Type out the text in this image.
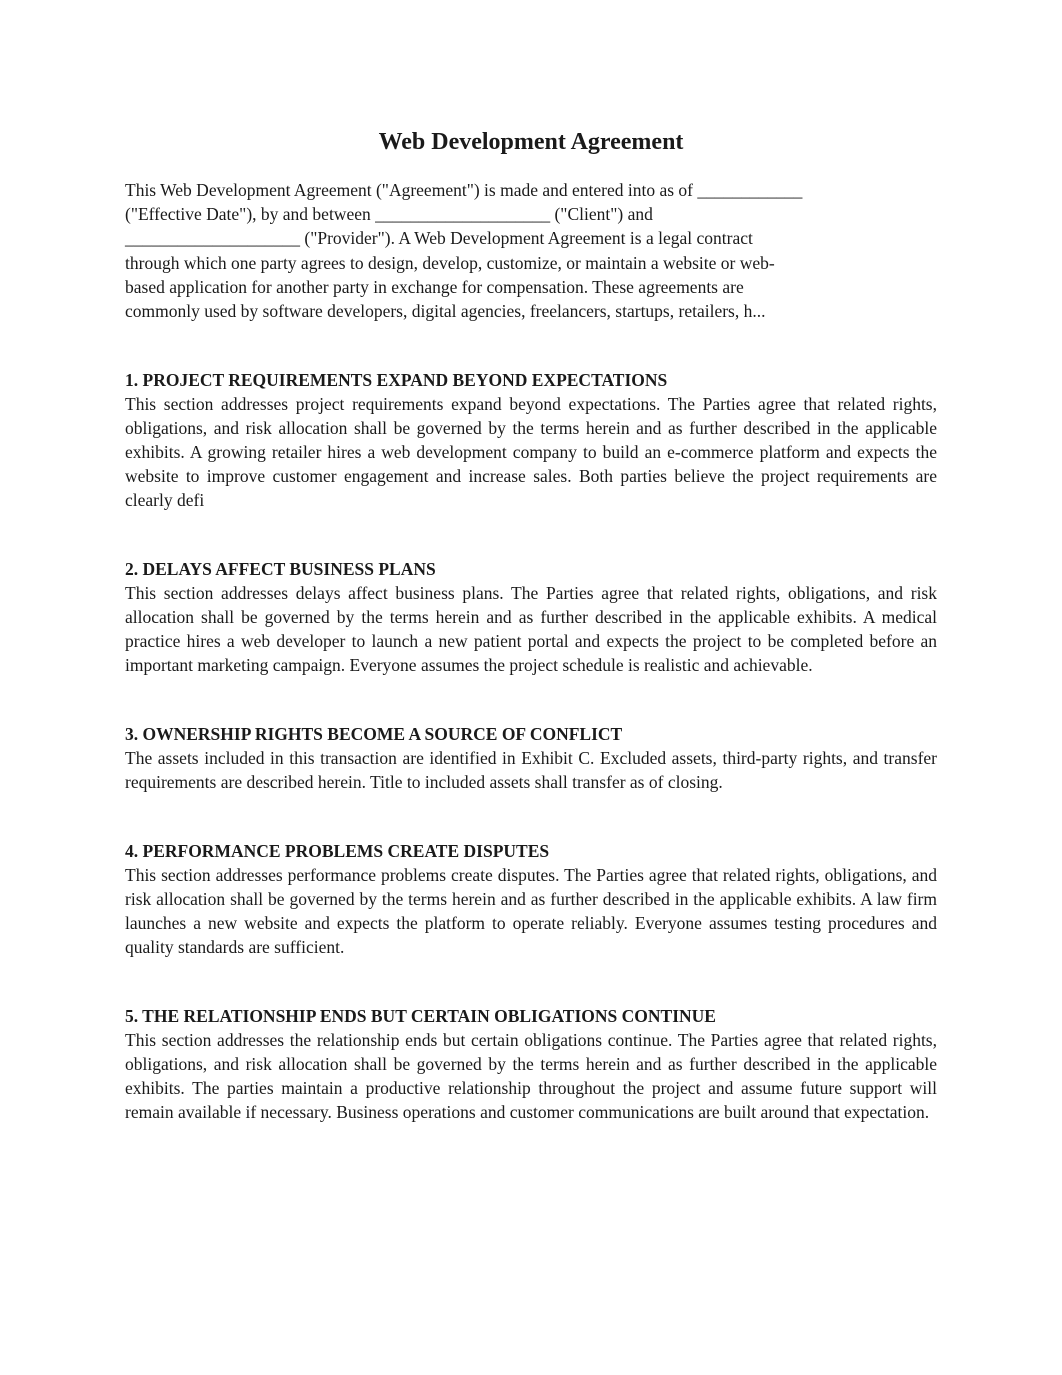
Web Development Agreement

This Web Development Agreement ("Agreement") is made and entered into as of ____________
("Effective Date"), by and between ____________________ ("Client") and
____________________ ("Provider"). A Web Development Agreement is a legal contract
through which one party agrees to design, develop, customize, or maintain a website or web-
based application for another party in exchange for compensation. These agreements are
commonly used by software developers, digital agencies, freelancers, startups, retailers, h...

1. PROJECT REQUIREMENTS EXPAND BEYOND EXPECTATIONS

This section addresses project requirements expand beyond expectations. The Parties agree that related rights, obligations, and risk allocation shall be governed by the terms herein and as further described in the applicable exhibits. A growing retailer hires a web development company to build an e-commerce platform and expects the website to improve customer engagement and increase sales. Both parties believe the project requirements are clearly defi

2. DELAYS AFFECT BUSINESS PLANS

This section addresses delays affect business plans. The Parties agree that related rights, obligations, and risk allocation shall be governed by the terms herein and as further described in the applicable exhibits. A medical practice hires a web developer to launch a new patient portal and expects the project to be completed before an important marketing campaign. Everyone assumes the project schedule is realistic and achievable.

3. OWNERSHIP RIGHTS BECOME A SOURCE OF CONFLICT

The assets included in this transaction are identified in Exhibit C. Excluded assets, third-party rights, and transfer requirements are described herein. Title to included assets shall transfer as of closing.

4. PERFORMANCE PROBLEMS CREATE DISPUTES

This section addresses performance problems create disputes. The Parties agree that related rights, obligations, and risk allocation shall be governed by the terms herein and as further described in the applicable exhibits. A law firm launches a new website and expects the platform to operate reliably. Everyone assumes testing procedures and quality standards are sufficient.

5. THE RELATIONSHIP ENDS BUT CERTAIN OBLIGATIONS CONTINUE

This section addresses the relationship ends but certain obligations continue. The Parties agree that related rights, obligations, and risk allocation shall be governed by the terms herein and as further described in the applicable exhibits. The parties maintain a productive relationship throughout the project and assume future support will remain available if necessary. Business operations and customer communications are built around that expectation.
